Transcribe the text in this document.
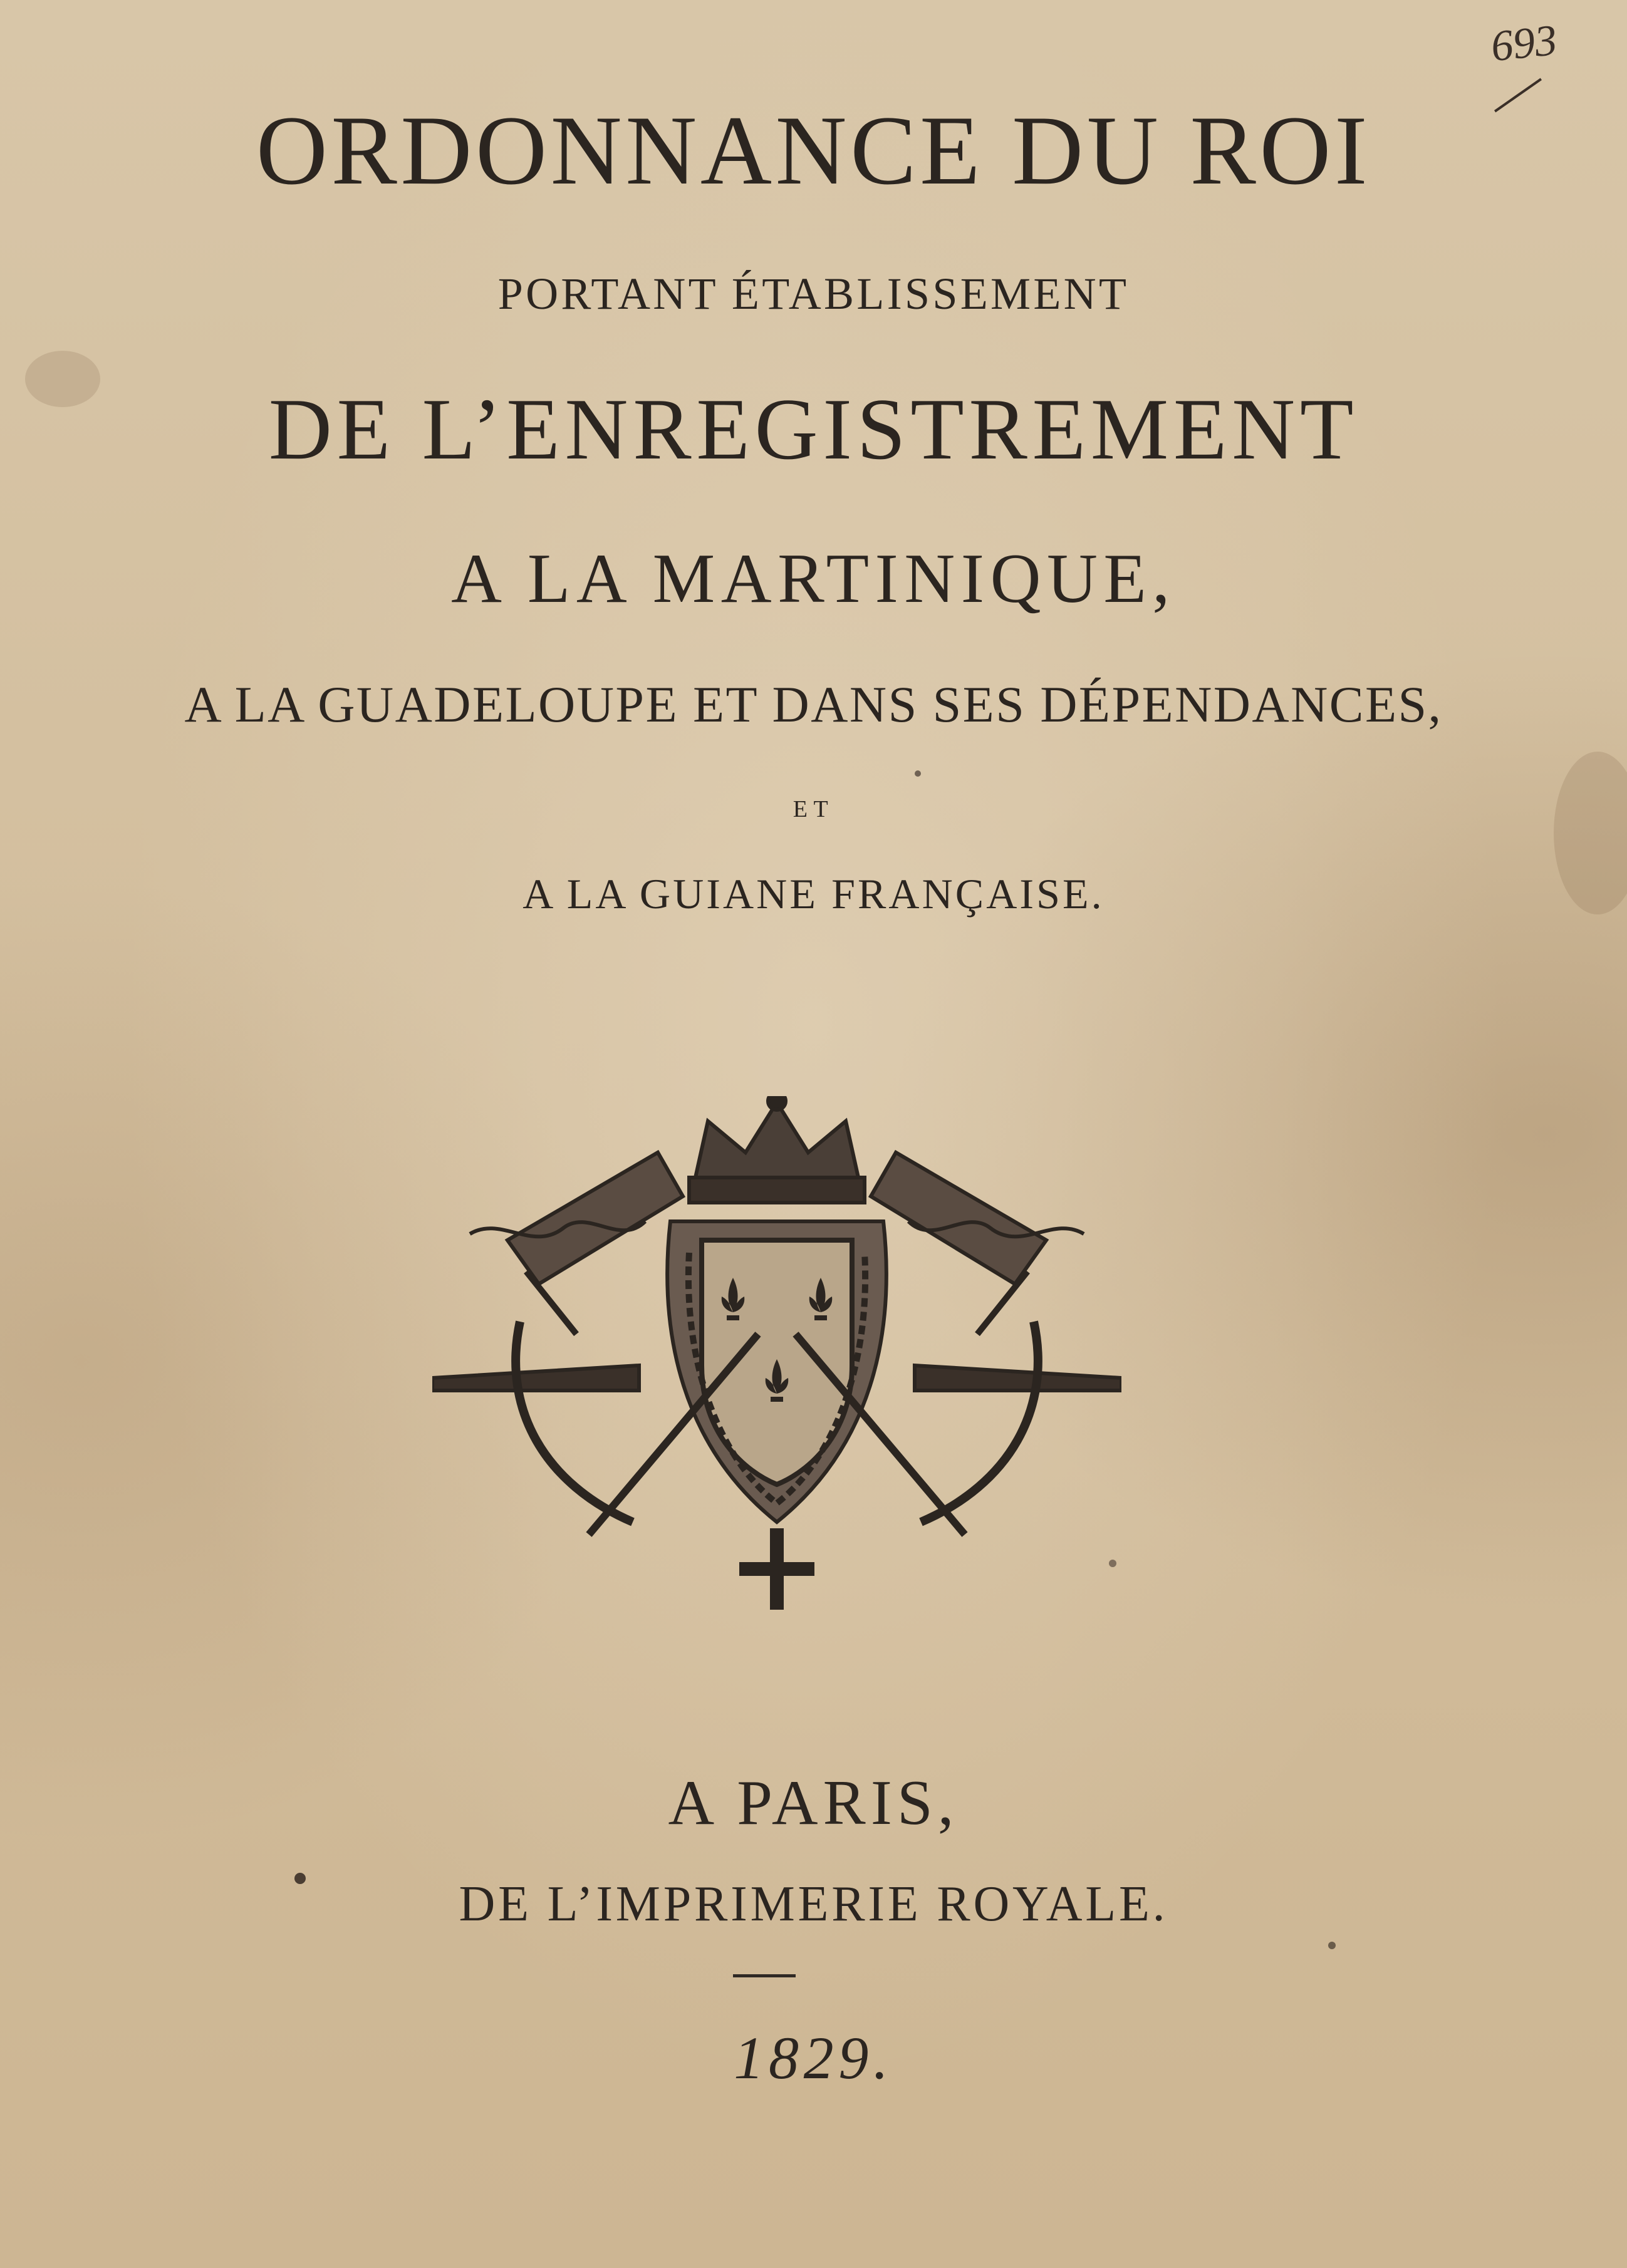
693
ORDONNANCE DU ROI
PORTANT ÉTABLISSEMENT
DE L’ENREGISTREMENT
A LA MARTINIQUE,
A LA GUADELOUPE ET DANS SES DÉPENDANCES,
ET
A LA GUIANE FRANÇAISE.
A PARIS,
DE L’IMPRIMERIE ROYALE.
1829.
